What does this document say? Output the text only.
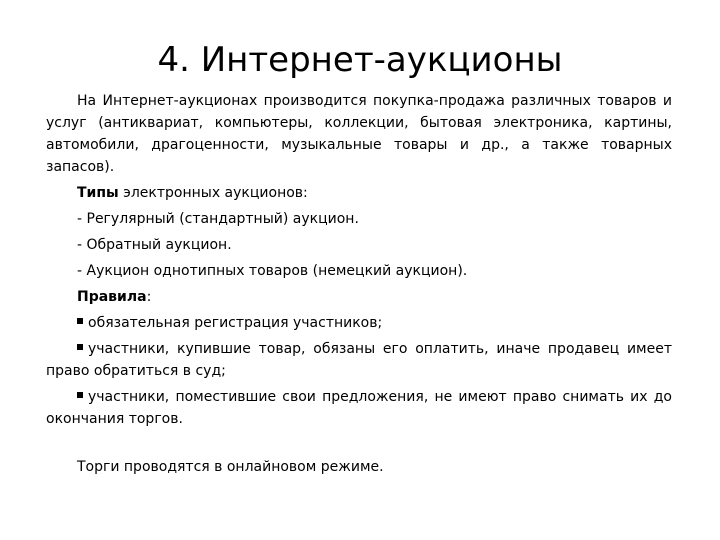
4. Интернет-аукционы

На Интернет-аукционах производится покупка-продажа различных товаров и услуг (антиквариат, компьютеры, коллекции, бытовая электроника, картины, автомобили, драгоценности, музыкальные товары и др., а также товарных запасов).

Типы электронных аукционов:

- Регулярный (стандартный) аукцион.

- Обратный аукцион.

- Аукцион однотипных товаров (немецкий аукцион).

Правила:

обязательная регистрация участников;

участники, купившие товар, обязаны его оплатить, иначе продавец имеет право обратиться в суд;

участники, поместившие свои предложения, не имеют право снимать их до окончания торгов.

Торги проводятся в онлайновом режиме.
